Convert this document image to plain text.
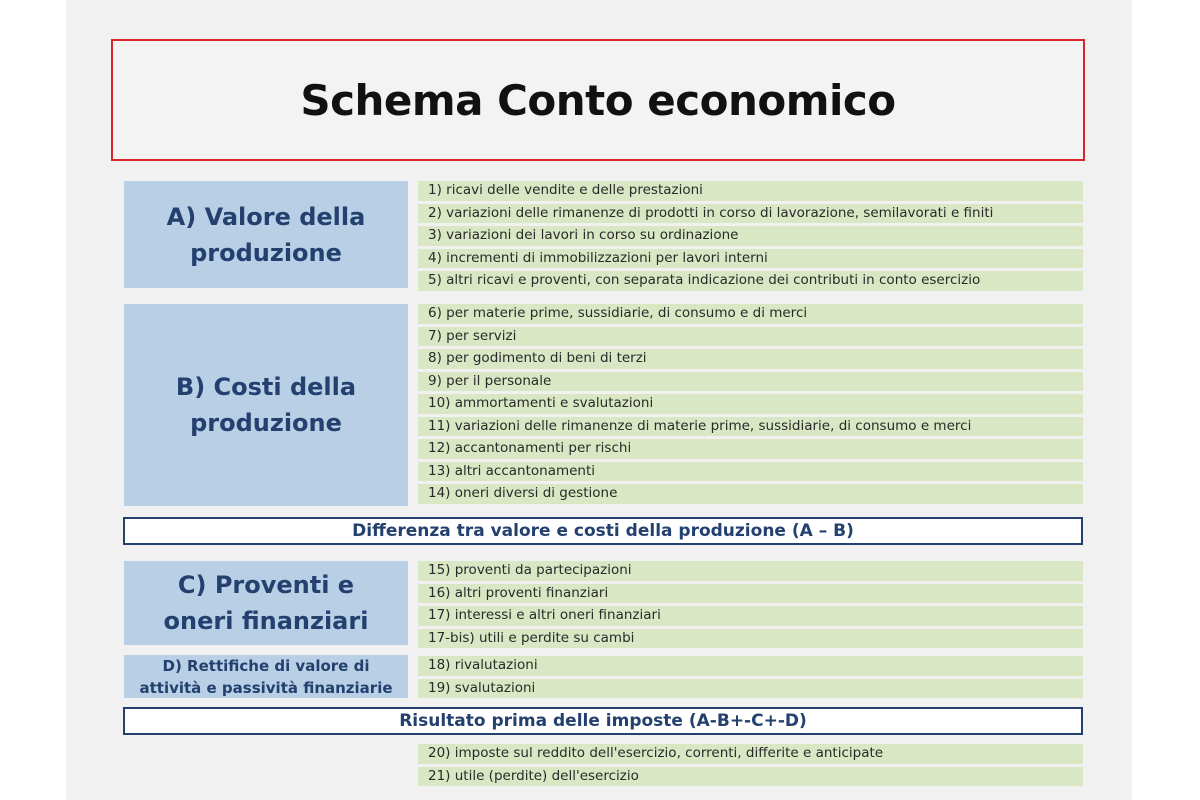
Schema Conto economico
A) Valore della produzione
1) ricavi delle vendite e delle prestazioni
2) variazioni delle rimanenze di prodotti in corso di lavorazione, semilavorati e finiti
3) variazioni dei lavori in corso su ordinazione
4) incrementi di immobilizzazioni per lavori interni
5) altri ricavi e proventi, con separata indicazione dei contributi in conto esercizio
B) Costi della produzione
6) per materie prime, sussidiarie, di consumo e di merci
7) per servizi
8) per godimento di beni di terzi
9) per il personale
10) ammortamenti e svalutazioni
11) variazioni delle rimanenze di materie prime, sussidiarie, di consumo e merci
12) accantonamenti per rischi
13) altri accantonamenti
14) oneri diversi di gestione
Differenza tra valore e costi della produzione (A – B)
C) Proventi e oneri finanziari
15) proventi da partecipazioni
16) altri proventi finanziari
17) interessi e altri oneri finanziari
17-bis) utili e perdite su cambi
D) Rettifiche di valore di attività e passività finanziarie
18) rivalutazioni
19) svalutazioni
Risultato prima delle imposte (A-B+-C+-D)
20) imposte sul reddito dell'esercizio, correnti, differite e anticipate
21) utile (perdite) dell'esercizio
